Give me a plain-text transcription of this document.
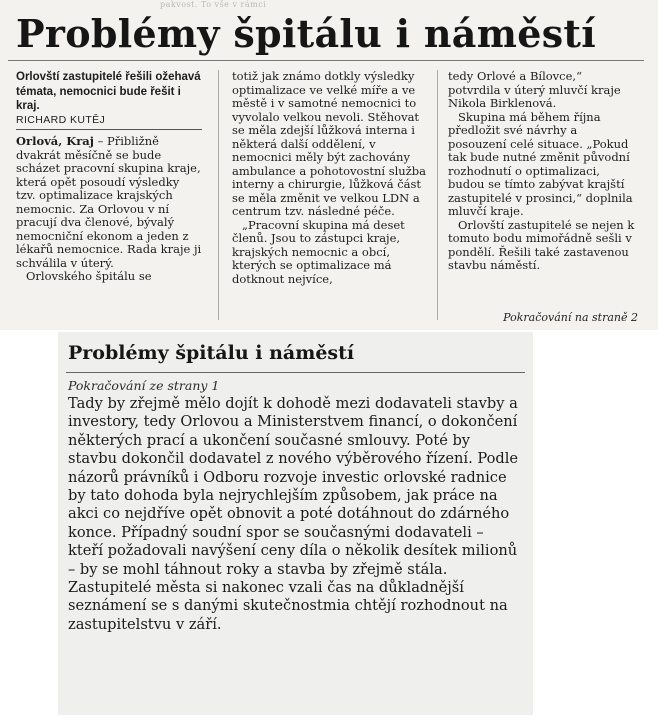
pakvost. To vše v rámci
Problémy špitálu i náměstí

Orlovští zastupitelé řešili ožehavá témata, nemocnici bude řešit i kraj.

RICHARD KUTĚJ

Orlová, Kraj – Přibližně dvakrát měsíčně se bude scházet pracovní skupina kraje, která opět posoudí výsledky tzv. optimalizace krajských nemocnic. Za Orlovou v ní pracují dva členové, bývalý nemocniční ekonom a jeden z lékařů nemocnice. Rada kraje ji schválila v úterý.

Orlovského špitálu se

totiž jak známo dotkly výsledky optimalizace ve velké míře a ve městě i v samotné nemocnici to vyvolalo velkou nevoli. Stěhovat se měla zdejší lůžková interna i některá další oddělení, v nemocnici měly být zachovány ambulance a pohotovostní služba interny a chirurgie, lůžková část se měla změnit ve velkou LDN a centrum tzv. následné péče.

„Pracovní skupina má deset členů. Jsou to zástupci kraje, krajských nemocnic a obcí, kterých se optimalizace má dotknout nejvíce,

tedy Orlové a Bílovce,“ potvrdila v úterý mluvčí kraje Nikola Birklenová.

Skupina má během října předložit své návrhy a posouzení celé situace. „Pokud tak bude nutné změnit původní rozhodnutí o optimalizaci, budou se tímto zabývat krajští zastupitelé v prosinci,“ doplnila mluvčí kraje.

Orlovští zastupitelé se nejen k tomuto bodu mimořádně sešli v pondělí. Řešili také zastavenou stavbu náměstí.

Pokračování na straně 2
Problémy špitálu i náměstí
Pokračování ze strany 1

Tady by zřejmě mělo dojít k dohodě mezi dodavateli stavby a investory, tedy Orlovou a Ministerstvem financí, o dokončení některých prací a ukončení současné smlouvy. Poté by stavbu dokončil dodavatel z nového výběrového řízení. Podle názorů právníků i Odboru rozvoje investic orlovské radnice by tato dohoda byla nejrychlejším způsobem, jak práce na akci co nejdříve opět obnovit a poté dotáhnout do zdárného konce. Případný soudní spor se současnými dodavateli – kteří požadovali navýšení ceny díla o několik desítek milionů – by se mohl táhnout roky a stavba by zřejmě stála. Zastupitelé města si nakonec vzali čas na důkladnější seznámení se s danými skutečnostmia chtějí rozhodnout na zastupitelstvu v září.
